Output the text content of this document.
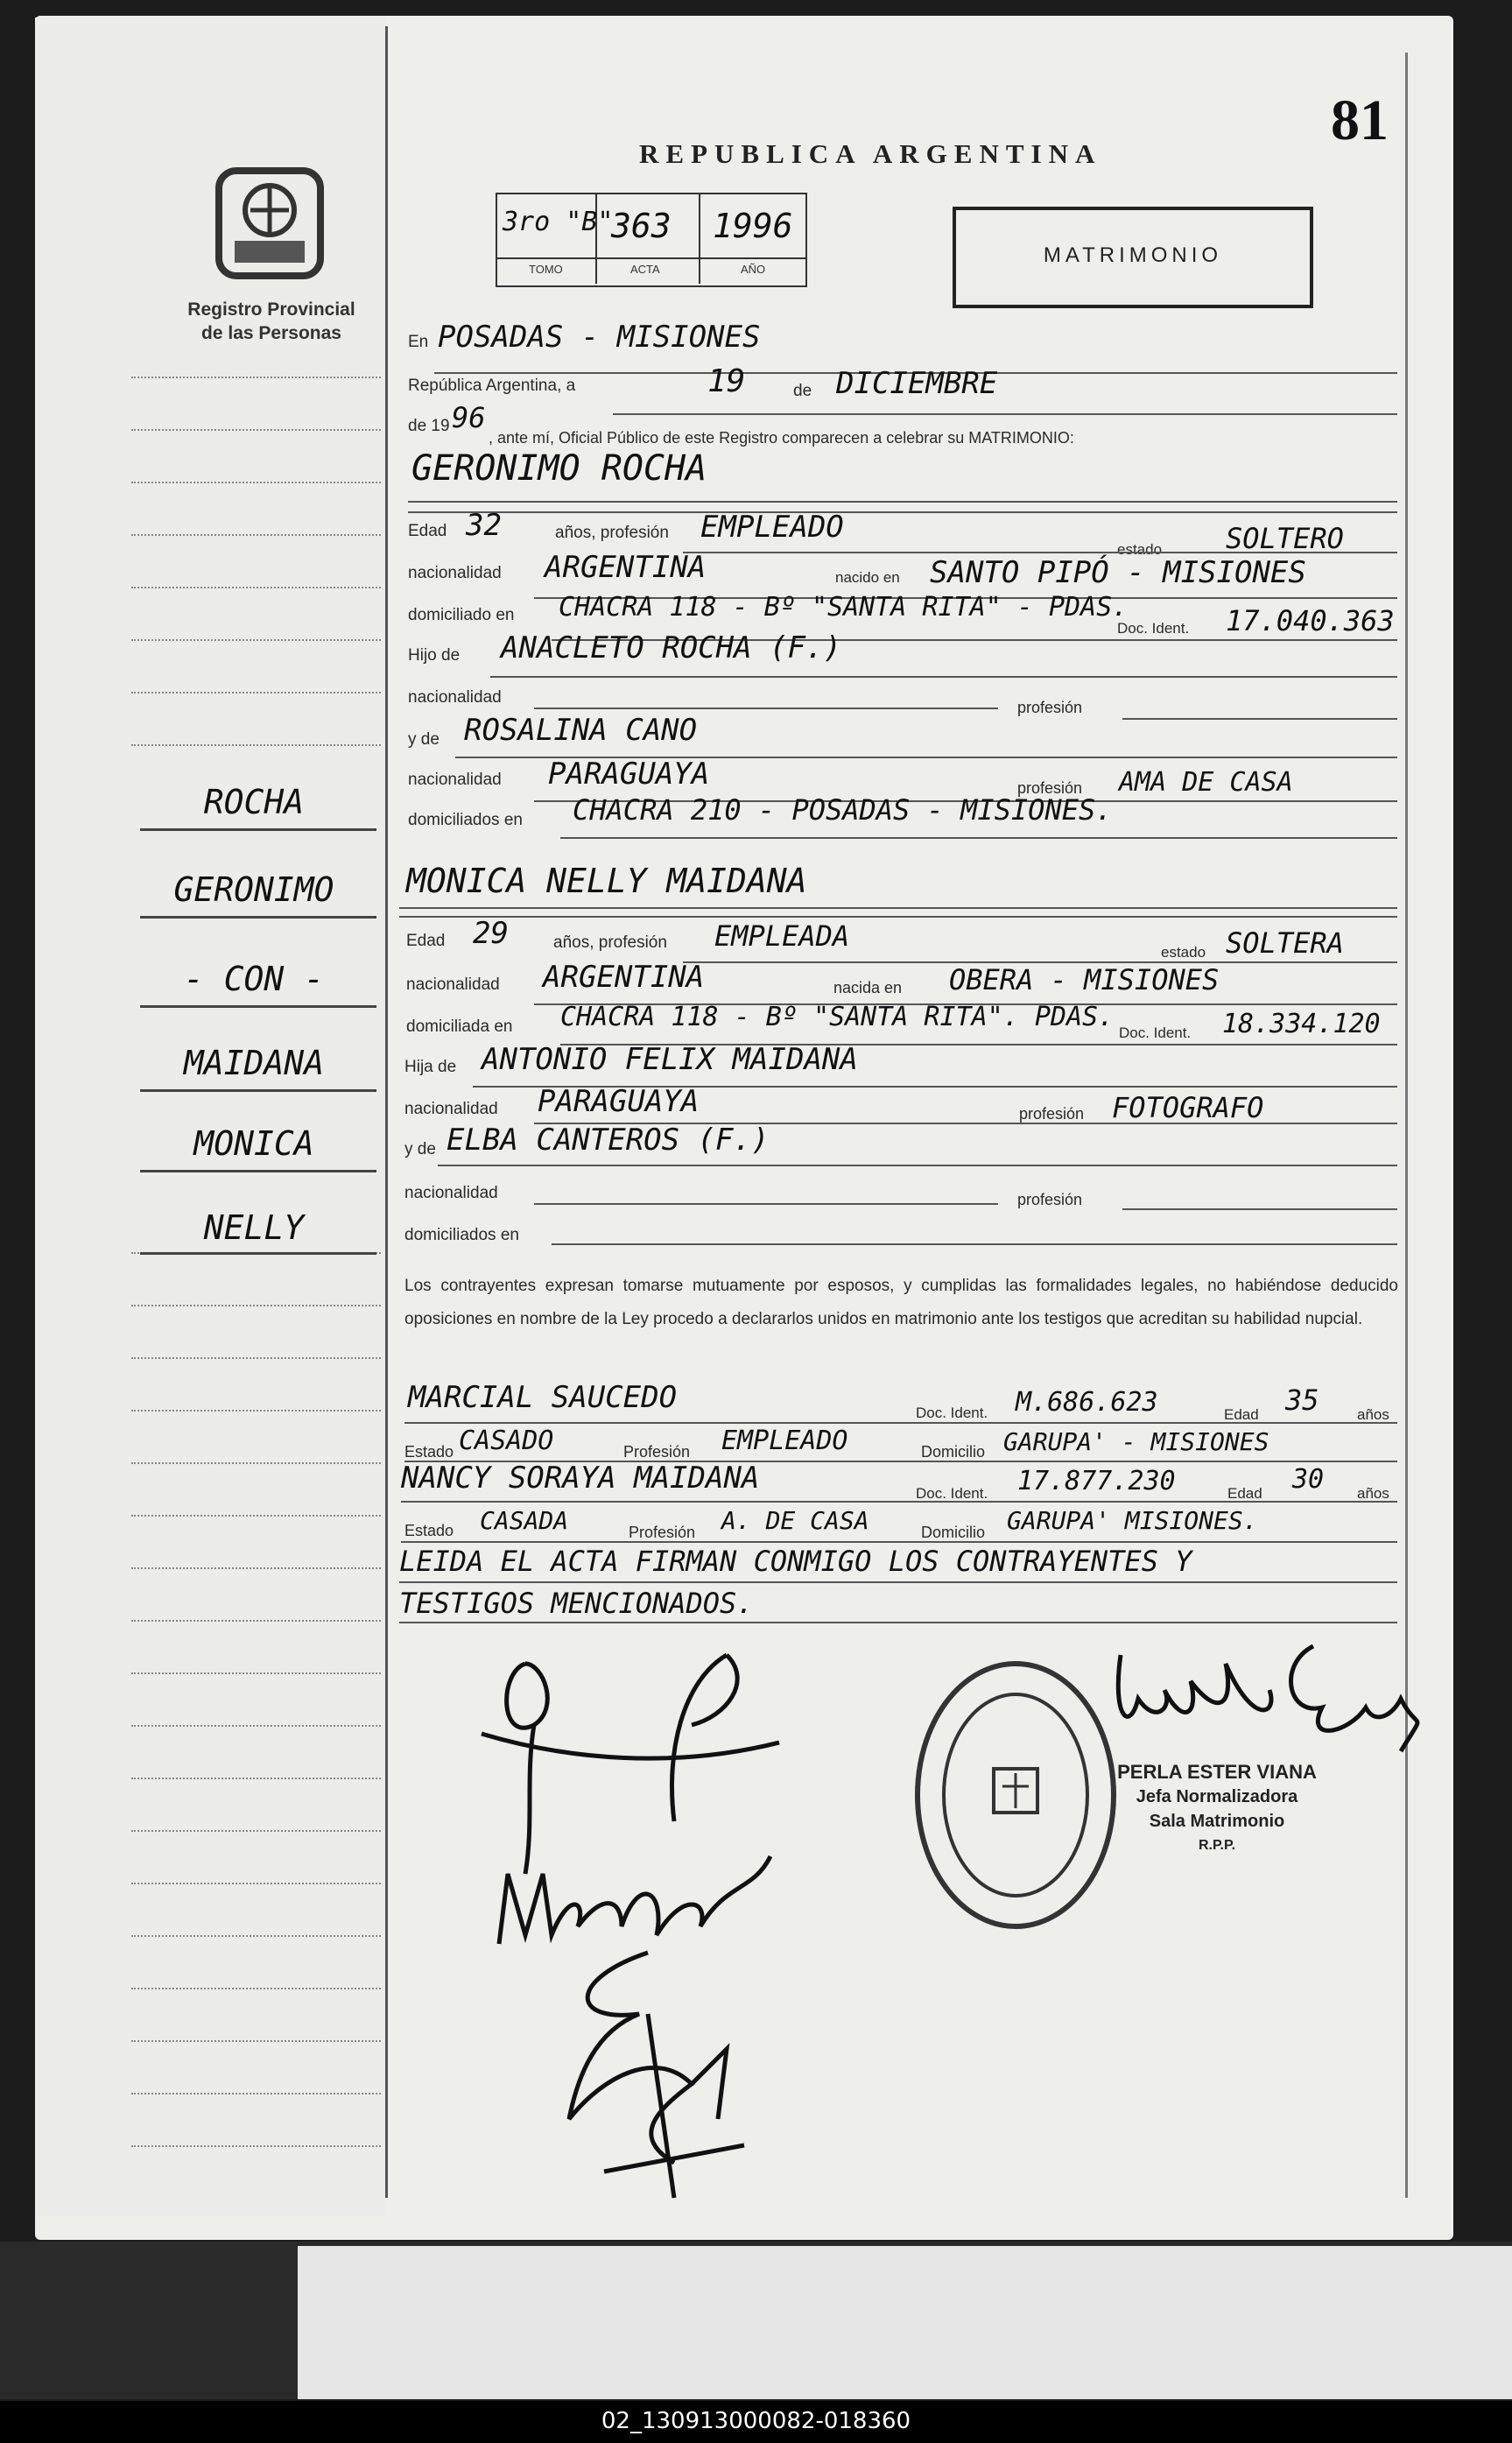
Registro Provincial
de las Personas
81
REPUBLICA ARGENTINA
3ro "B"
363 1996
TOMO	ACTA	AÑO
MATRIMONIO
En POSADAS - MISIONES
República Argentina, a	19	de DICIEMBRE
de 19 96
, ante mí, Oficial Público de este Registro comparecen a celebrar su MATRIMONIO:
GERONIMO ROCHA
Edad 32	años, profesión EMPLEADO
estado SOLTERO
nacionalidad ARGENTINA	nacido en SANTO PIPÓ - MISIONES
domiciliado en CHACRA 118 - Bº "SANTA RITA" - PDAS.
Doc. Ident. 17.040.363
Hijo de ANACLETO ROCHA (F.)
nacionalidad
profesión
y de ROSALINA CANO
nacionalidad PARAGUAYA	profesión AMA DE CASA
domiciliados en CHACRA 210 - POSADAS - MISIONES.
MONICA NELLY MAIDANA
Edad 29	años, profesión EMPLEADA	estado SOLTERA
nacionalidad ARGENTINA	nacida en OBERA - MISIONES
domiciliada en CHACRA 118 - Bº "SANTA RITA". PDAS.
Doc. Ident. 18.334.120
Hija de ANTONIO FELIX MAIDANA
nacionalidad PARAGUAYA	profesión FOTOGRAFO
y de ELBA CANTEROS (F.)
nacionalidad	profesión
domiciliados en
Los contrayentes expresan tomarse mutuamente por esposos, y cumplidas las formalidades legales, no habiéndose deducido oposiciones en nombre de la Ley procedo a declararlos unidos en matrimonio ante los testigos que acreditan su habilidad nupcial.
MARCIAL SAUCEDO	Doc. Ident. M.686.623	Edad 35	años
Estado CASADO	Profesión EMPLEADO	Domicilio GARUPA' - MISIONES
NANCY SORAYA MAIDANA	Doc. Ident. 17.877.230	Edad 30 años
Estado CASADA	Profesión A. DE CASA	Domicilio GARUPA' MISIONES.
LEIDA EL ACTA FIRMAN CONMIGO LOS CONTRAYENTES Y
TESTIGOS MENCIONADOS.
PERLA ESTER VIANA
Jefa Normalizadora
Sala Matrimonio
R.P.P.
ROCHA
GERONIMO
- CON -
MAIDANA
MONICA
NELLY
02_130913000082-018360
